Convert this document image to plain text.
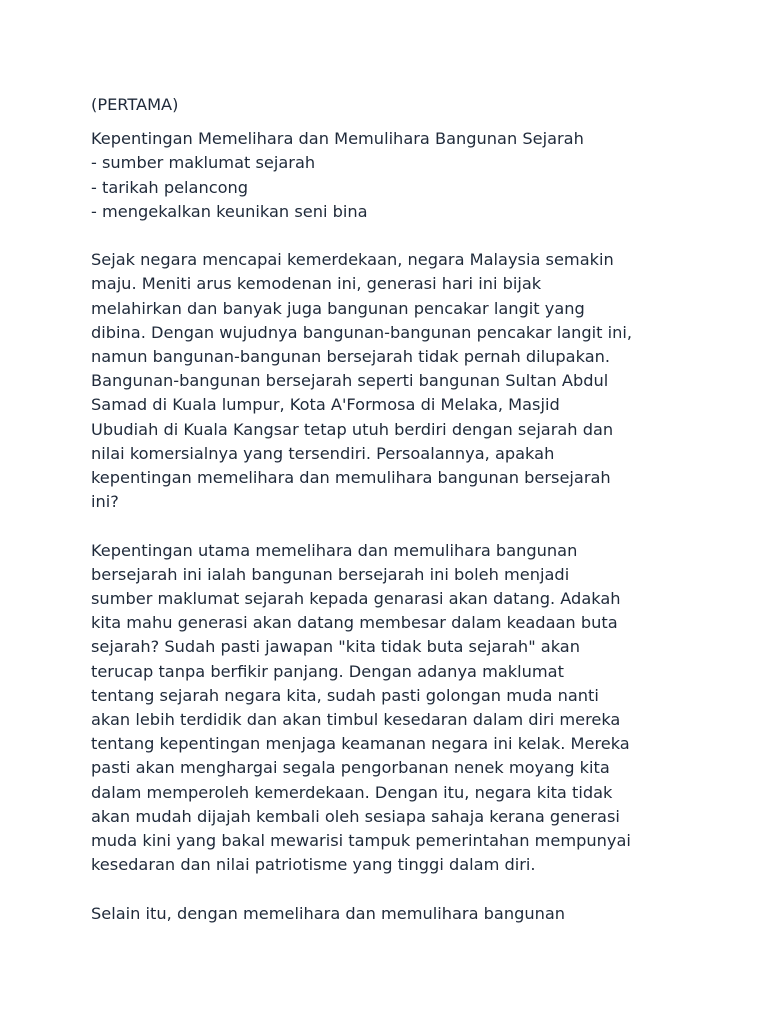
(PERTAMA)
Kepentingan Memelihara dan Memulihara Bangunan Sejarah
- sumber maklumat sejarah
- tarikah pelancong
- mengekalkan keunikan seni bina
Sejak negara mencapai kemerdekaan, negara Malaysia semakin
maju. Meniti arus kemodenan ini, generasi hari ini bijak
melahirkan dan banyak juga bangunan pencakar langit yang
dibina. Dengan wujudnya bangunan-bangunan pencakar langit ini,
namun bangunan-bangunan bersejarah tidak pernah dilupakan.
Bangunan-bangunan bersejarah seperti bangunan Sultan Abdul
Samad di Kuala lumpur, Kota A'Formosa di Melaka, Masjid
Ubudiah di Kuala Kangsar tetap utuh berdiri dengan sejarah dan
nilai komersialnya yang tersendiri. Persoalannya, apakah
kepentingan memelihara dan memulihara bangunan bersejarah
ini?
Kepentingan utama memelihara dan memulihara bangunan
bersejarah ini ialah bangunan bersejarah ini boleh menjadi
sumber maklumat sejarah kepada genarasi akan datang. Adakah
kita mahu generasi akan datang membesar dalam keadaan buta
sejarah? Sudah pasti jawapan "kita tidak buta sejarah" akan
terucap tanpa berfikir panjang. Dengan adanya maklumat
tentang sejarah negara kita, sudah pasti golongan muda nanti
akan lebih terdidik dan akan timbul kesedaran dalam diri mereka
tentang kepentingan menjaga keamanan negara ini kelak. Mereka
pasti akan menghargai segala pengorbanan nenek moyang kita
dalam memperoleh kemerdekaan. Dengan itu, negara kita tidak
akan mudah dijajah kembali oleh sesiapa sahaja kerana generasi
muda kini yang bakal mewarisi tampuk pemerintahan mempunyai
kesedaran dan nilai patriotisme yang tinggi dalam diri.
Selain itu, dengan memelihara dan memulihara bangunan
